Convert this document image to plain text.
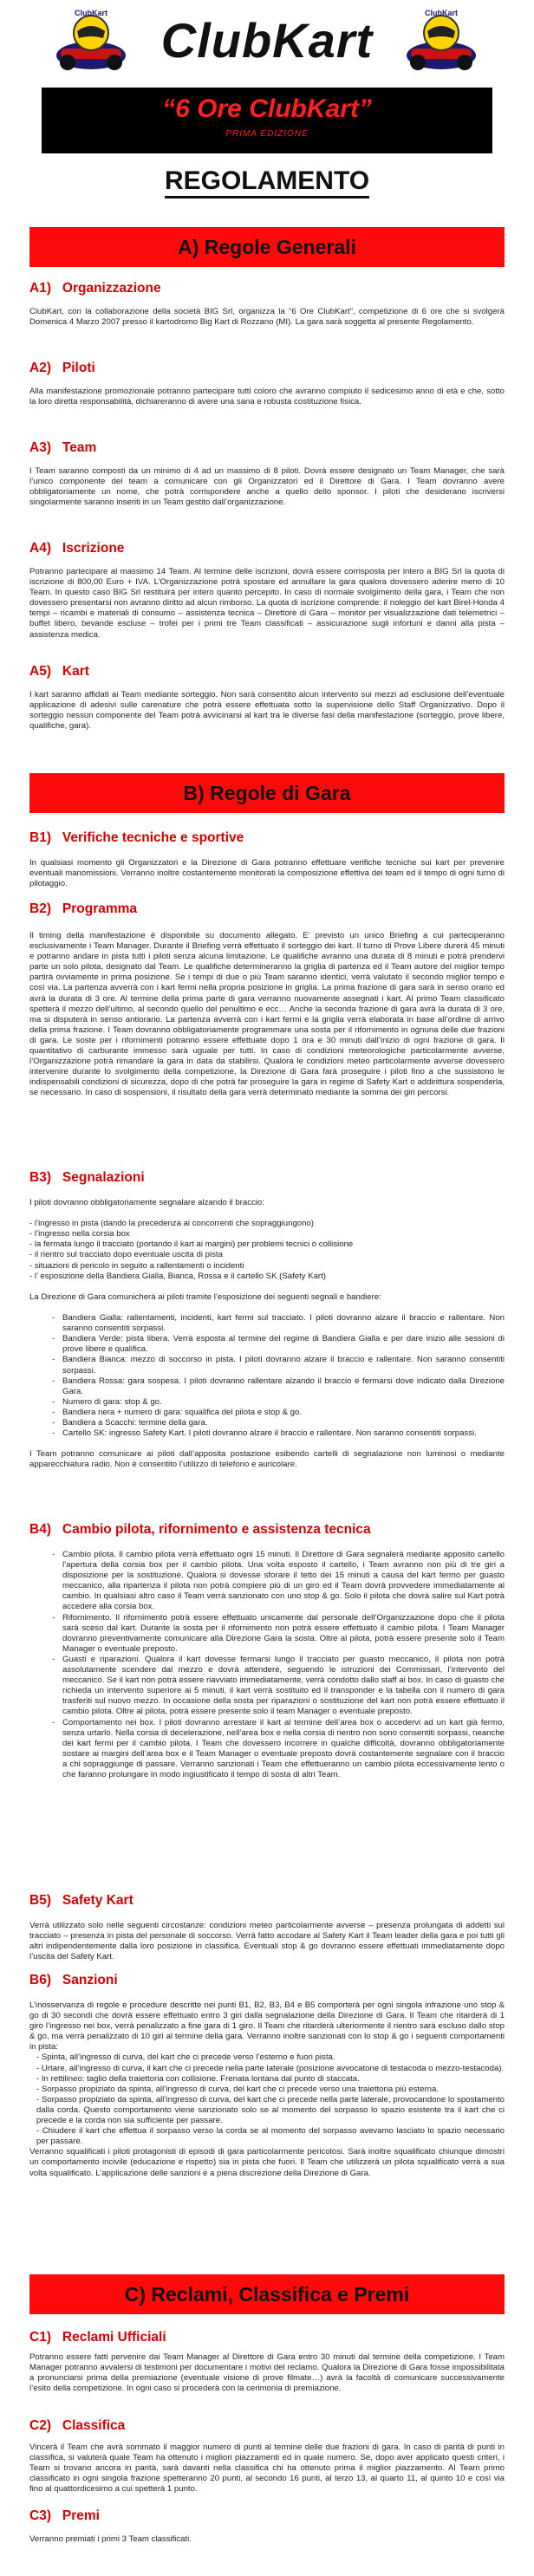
ClubKart	ClubKart	ClubKart
“6 Ore ClubKart”
PRIMA EDIZIONE
REGOLAMENTO
A) Regole Generali
A1) Organizzazione
ClubKart, con la collaborazione della società BIG Srl, organizza la “6 Ore ClubKart”, competizione di 6 ore che si svolgerà Domenica 4 Marzo 2007 presso il kartodromo Big Kart di Rozzano (MI). La gara sarà soggetta al presente Regolamento.
A2) Piloti
Alla manifestazione promozionale potranno partecipare tutti coloro che avranno compiuto il sedicesimo anno di età e che, sotto la loro diretta responsabilità, dichiareranno di avere una sana e robusta costituzione fisica.
A3) Team
I Team saranno composti da un minimo di 4 ad un massimo di 8 piloti. Dovrà essere designato un Team Manager, che sarà l’unico componente del team a comunicare con gli Organizzatori ed il Direttore di Gara. I Team dovranno avere obbligatoriamente un nome, che potrà corrispondere anche a quello dello sponsor. I piloti che desiderano iscriversi singolarmente saranno inseriti in un Team gestito dall’organizzazione.
A4) Iscrizione
Potranno partecipare al massimo 14 Team. Al termine delle iscrizioni, dovrà essere corrisposta per intero a BIG Srl la quota di iscrizione di 800,00 Euro + IVA. L’Organizzazione potrà spostare ed annullare la gara qualora dovessero aderire meno di 10 Team. In questo caso BIG Srl restituirà per intero quanto percepito. In caso di normale svolgimento della gara, i Team che non dovessero presentarsi non avranno diritto ad alcun rimborso. La quota di iscrizione comprende: il noleggio del kart Birel-Honda 4 tempi – ricambi e materiali di consumo – assistenza tecnica – Direttore di Gara – monitor per visualizzazione dati telemetrici – buffet libero, bevande escluse – trofei per i primi tre Team classificati – assicurazione sugli infortuni e danni alla pista – assistenza medica.
A5) Kart
I kart saranno affidati ai Team mediante sorteggio. Non sarà consentito alcun intervento sui mezzi ad esclusione dell’eventuale applicazione di adesivi sulle carenature che potrà essere effettuata sotto la supervisione dello Staff Organizzativo. Dopo il sorteggio nessun componente del Team potrà avvicinarsi al kart tra le diverse fasi della manifestazione (sorteggio, prove libere, qualifiche, gara).
B) Regole di Gara
B1) Verifiche tecniche e sportive
In qualsiasi momento gli Organizzatori e la Direzione di Gara potranno effettuare verifiche tecniche sui kart per prevenire eventuali manomissioni. Verranno inoltre costantemente monitorati la composizione effettiva dei team ed il tempo di ogni turno di pilotaggio.
B2) Programma
Il timing della manifestazione è disponibile su documento allegato. E’ previsto un unico Briefing a cui parteciperanno esclusivamente i Team Manager. Durante il Briefing verrà effettuato il sorteggio dei kart. Il turno di Prove Libere durerà 45 minuti e potranno andare in pista tutti i piloti senza alcuna limitazione. Le qualifiche avranno una durata di 8 minuti e potrà prendervi parte un solo pilota, designato dal Team. Le qualifiche determineranno la griglia di partenza ed il Team autore del miglior tempo partirà ovviamente in prima posizione. Se i tempi di due o più Team saranno identici, verrà valutato il secondo miglior tempo e così via. La partenza avverrà con i kart fermi nella propria posizione in griglia. La prima frazione di gara sarà in senso orario ed avrà la durata di 3 ore. Al termine della prima parte di gara verranno nuovamente assegnati i kart. Al primo Team classificato spetterà il mezzo dell’ultimo, al secondo quello del penultimo e ecc… Anche la seconda frazione di gara avrà la durata di 3 ore, ma si disputerà in senso antiorario. La partenza avverrà con i kart fermi e la griglia verrà elaborata in base all’ordine di arrivo della prima frazione. I Team dovranno obbligatoriamente programmare una sosta per il rifornimento in ognuna delle due frazioni di gara. Le soste per i rifornimenti potranno essere effettuate dopo 1 ora e 30 minuti dall’inizio di ogni frazione di gara. Il quantitativo di carburante immesso sarà uguale per tutti. In caso di condizioni meteorologiche particolarmente avverse, l’Organizzazione potrà rimandare la gara in data da stabilirsi. Qualora le condizioni meteo particolarmente avverse dovessero intervenire durante lo svolgimento della competizione, la Direzione di Gara farà proseguire i piloti fino a che sussistono le indispensabili condizioni di sicurezza, dopo di che potrà far proseguire la gara in regime di Safety Kart o addirittura sospenderla, se necessario. In caso di sospensioni, il risultato della gara verrà determinato mediante la somma dei giri percorsi.
B3) Segnalazioni

I piloti dovranno obbligatoriamente segnalare alzando il braccio:

- l’ingresso in pista (dando la precedenza ai concorrenti che sopraggiungono)
- l’ingresso nella corsia box
- la fermata lungo il tracciato (portando il kart ai margini) per problemi tecnici o collisione
- il rientro sul tracciato dopo eventuale uscita di pista
- situazioni di pericolo in seguito a rallentamenti o incidenti
- l’ esposizione della Bandiera Gialla, Bianca, Rossa e il cartello SK (Safety Kart)

La Direzione di Gara comunicherà ai piloti tramite l’esposizione dei seguenti segnali e bandiere:

- Bandiera Gialla: rallentamenti, incidenti, kart fermi sul tracciato. I piloti dovranno alzare il braccio e rallentare. Non saranno consentiti sorpassi.
- Bandiera Verde: pista libera. Verrà esposta al termine del regime di Bandiera Gialla e per dare inizio alle sessioni di prove libere e qualifica.
- Bandiera Bianca: mezzo di soccorso in pista. I piloti dovranno alzare il braccio e rallentare. Non saranno consentiti sorpassi.
- Bandiera Rossa: gara sospesa. I piloti dovranno rallentare alzando il braccio e fermarsi dove indicato dalla Direzione Gara.
- Numero di gara: stop & go.
- Bandiera nera + numero di gara: squalifica del pilota e stop & go.
- Bandiera a Scacchi: termine della gara.
- Cartello SK: ingresso Safety Kart. I piloti dovranno alzare il braccio e rallentare. Non saranno consentiti sorpassi.

I Team potranno comunicare ai piloti dall’apposita postazione esibendo cartelli di segnalazione non luminosi o mediante apparecchiatura radio. Non è consentito l’utilizzo di telefono e auricolare.

B4) Cambio pilota, rifornimento e assistenza tecnica
- Cambio pilota. Il cambio pilota verrà effettuato ogni 15 minuti. Il Direttore di Gara segnalerà mediante apposito cartello l’apertura della corsia box per il cambio pilota. Una volta esposto il cartello, i Team avranno non più di tre giri a disposizione per la sostituzione. Qualora si dovesse sforare il tetto dei 15 minuti a causa del kart fermo per guasto meccanico, alla ripartenza il pilota non potrà compiere più di un giro ed il Team dovrà provvedere immediatamente al cambio. In qualsiasi altro caso il Team verrà sanzionato con uno stop & go. Solo il pilota che dovrà salire sul Kart potrà accedere alla corsia box.
- Rifornimento. Il rifornimento potrà essere effettuato unicamente dal personale dell’Organizzazione dopo che il pilota sarà sceso dal kart. Durante la sosta per il rifornimento non potrà essere effettuato il cambio pilota. I Team Manager dovranno preventivamente comunicare alla Direzione Gara la sosta. Oltre al pilota, potrà essere presente solo il Team Manager o eventuale preposto.
- Guasti e riparazioni. Qualora il kart dovesse fermarsi lungo il tracciato per guasto meccanico, il pilota non potrà assolutamente scendere dal mezzo e dovrà attendere, seguendo le istruzioni dei Commissari, l’intervento del meccanico. Se il kart non potrà essere riavviato immediatamente, verrà condotto dallo staff ai box. In caso di guasto che richieda un intervento superiore ai 5 minuti, il kart verrà sostituito ed il transponder e la tabella con il numero di gara trasferiti sul nuovo mezzo. In occasione della sosta per riparazioni o sostituzione del kart non potrà essere effettuato il cambio pilota. Oltre al pilota, potrà essere presente solo il team Manager o eventuale preposto.
- Comportamento nei box. I piloti dovranno arrestare il kart al termine dell’area box o accedervi ad un kart già fermo, senza urtarlo. Nella corsia di decelerazione, nell’area box e nella corsia di rientro non sono consentiti sorpassi, neanche dei kart fermi per il cambio pilota. I Team che dovessero incorrere in qualche difficoltà, dovranno obbligatoriamente sostare ai margini dell’area box e il Team Manager o eventuale preposto dovrà costantemente segnalare con il braccio a chi sopraggiunge di passare. Verranno sanzionati i Team che effettueranno un cambio pilota eccessivamente lento o che faranno prolungare in modo ingiustificato il tempo di sosta di altri Team.
B5) Safety Kart
Verrà utilizzato solo nelle seguenti circostanze: condizioni meteo particolarmente avverse – presenza prolungata di addetti sul tracciato – presenza in pista del personale di soccorso. Verrà fatto accodare al Safety Kart il Team leader della gara e poi tutti gli altri indipendentemente dalla loro posizione in classifica. Eventuali stop & go dovranno essere effettuati immediatamente dopo l’uscita del Safety Kart.
B6) Sanzioni

L’inosservanza di regole e procedure descritte nei punti B1, B2, B3, B4 e B5 comporterà per ogni singola infrazione uno stop & go di 30 secondi che dovrà essere effettuato entro 3 giri dalla segnalazione della Direzione di Gara. Il Team che ritarderà di 1 giro l’ingresso nei box, verrà penalizzato a fine gara di 1 giro. Il Team che ritarderà ulteriormente il rientro sarà escluso dallo stop & go, ma verrà penalizzato di 10 giri al termine della gara. Verranno inoltre sanzionati con lo stop & go i seguenti comportamenti in pista:

- Spinta, all’ingresso di curva, del kart che ci precede verso l’esterno e fuori pista.
- Urtare, all’ingresso di curva, il kart che ci precede nella parte laterale (posizione avvocatone di testacoda o mezzo-testacoda).
- In rettilineo: taglio della traiettoria con collisione. Frenata lontana dal punto di staccata.
- Sorpasso propiziato da spinta, all’ingresso di curva, del kart che ci precede verso una traiettoria più esterna.
- Sorpasso propiziato da spinta, all’ingresso di curva, del kart che ci precede nella parte laterale, provocandone lo spostamento dalla corda. Questo comportamento viene sanzionato solo se al momento del sorpasso lo spazio esistente tra il kart che ci precede e la corda non sia sufficiente per passare.
- Chiudere il kart che effettua il sorpasso verso la corda se al momento del sorpasso avevamo lasciato lo spazio necessario per passare.

Verranno squalificati i piloti protagonisti di episodi di gara particolarmente pericolosi. Sarà inoltre squalificato chiunque dimostri un comportamento incivile (educazione e rispetto) sia in pista che fuori. Il Team che utilizzerà un pilota squalificato verrà a sua volta squalificato. L’applicazione delle sanzioni è a piena discrezione della Direzione di Gara.

C) Reclami, Classifica e Premi
C1) Reclami Ufficiali
Potranno essere fatti pervenire dai Team Manager al Direttore di Gara entro 30 minuti dal termine della competizione. I Team Manager potranno avvalersi di testimoni per documentare i motivi del reclamo. Qualora la Direzione di Gara fosse impossibilitata a pronunciarsi prima della premiazione (eventuale visione di prove filmate…) avrà la facoltà di comunicare successivamente l’esito della competizione. In ogni caso si procederà con la cerimonia di premiazione.
C2) Classifica
Vincerà il Team che avrà sommato il maggior numero di punti al termine delle due frazioni di gara. In caso di parità di punti in classifica, si valuterà quale Team ha ottenuto i migliori piazzamenti ed in quale numero. Se, dopo aver applicato questi criteri, i Team si trovano ancora in parità, sarà davanti nella classifica chi ha ottenuto prima il miglior piazzamento. Al Team primo classificato in ogni singola frazione spetteranno 20 punti, al secondo 16 punti, al terzo 13, al quarto 11, al quinto 10 e così via fino al quattordicesimo a cui spetterà 1 punto.
C3) Premi
Verranno premiati i primi 3 Team classificati.
